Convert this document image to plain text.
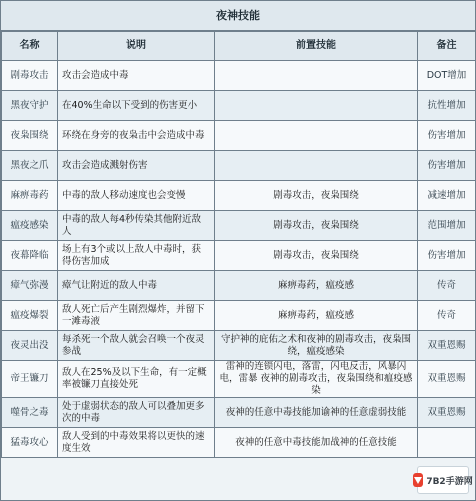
夜神技能
名称	说明	前置技能	备注
剧毒攻击	攻击会造成中毒		DOT增加
黑夜守护	在40%生命以下受到的伤害更小		抗性增加
夜枭围绕	环绕在身旁的夜枭击中会造成中毒		伤害增加
黑夜之爪	攻击会造成溅射伤害		伤害增加
麻痹毒药	中毒的敌人移动速度也会变慢	剧毒攻击，夜枭围绕	减速增加
瘟疫感染	中毒的敌人每4秒传染其他附近敌人	剧毒攻击，夜枭围绕	范围增加
夜幕降临	场上有3个或以上敌人中毒时，获得伤害加成	剧毒攻击，夜枭围绕	伤害增加
瘴气弥漫	瘴气让附近的敌人中毒	麻痹毒药，瘟疫感	传奇
瘟疫爆裂	敌人死亡后产生剧烈爆炸，并留下一滩毒液	麻痹毒药，瘟疫感	传奇
夜灵出没	每杀死一个敌人就会召唤一个夜灵参战	守护神的庇佑之术和夜神的剧毒攻击，夜枭围绕，瘟疫感染	双重恩赐
帝王镰刀	敌人在25%及以下生命，有一定概率被镰刀直接处死	雷神的连锁闪电，落雷，闪电反击，风暴闪电，雷暴 夜神的剧毒攻击，夜枭围绕和瘟疫感染	双重恩赐
噬骨之毒	处于虚弱状态的敌人可以叠加更多次的中毒	夜神的任意中毒技能加谕神的任意虚弱技能	双重恩赐
猛毒攻心	敌人受到的中毒效果将以更快的速度生效	夜神的任意中毒技能加战神的任意技能	
7B2手游网
